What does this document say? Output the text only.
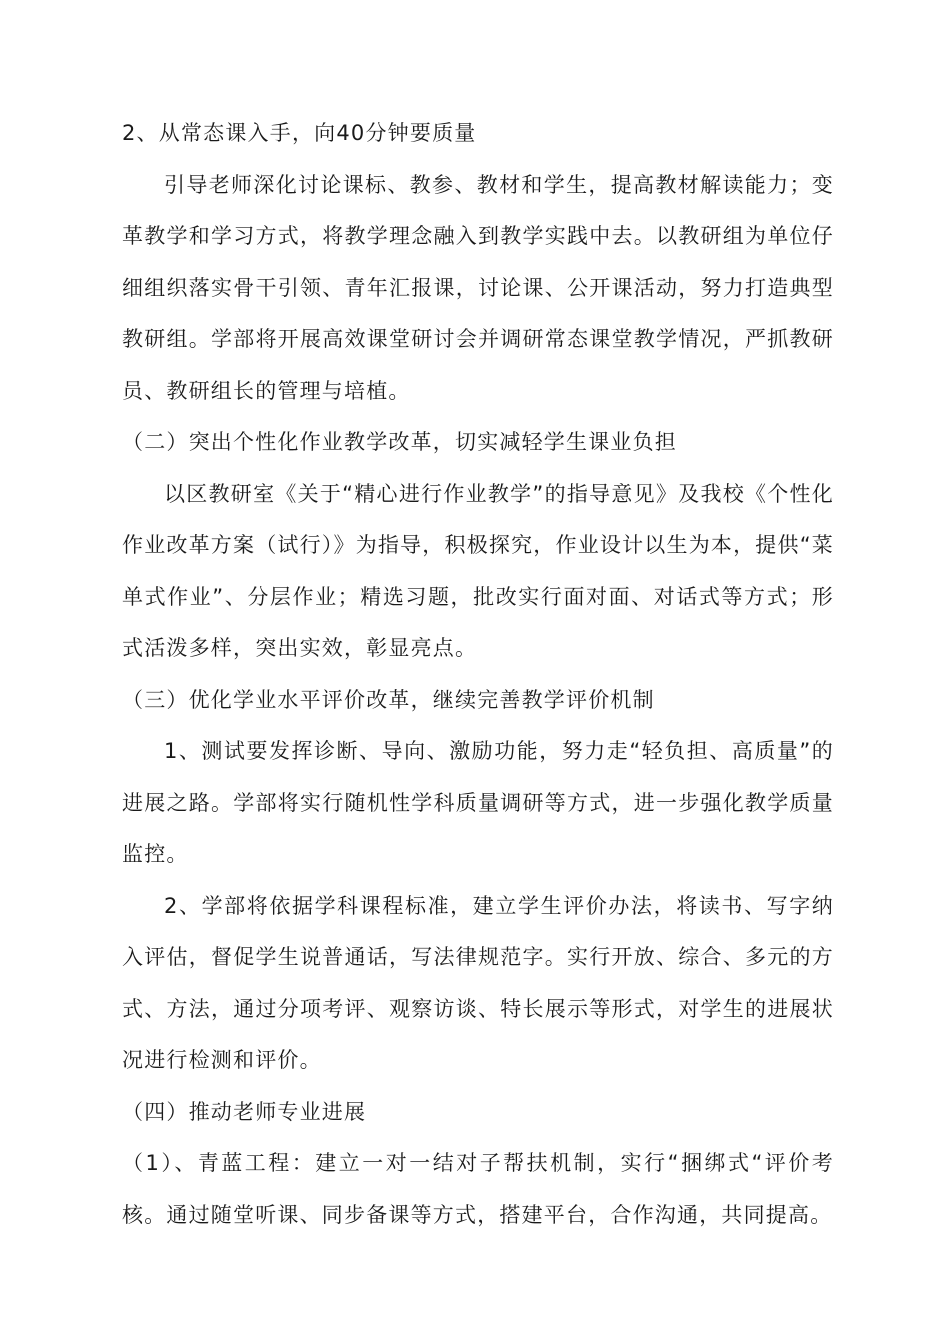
2、从常态课入手，向40分钟要质量

引导老师深化讨论课标、教参、教材和学生，提高教材解读能力；变革教学和学习方式，将教学理念融入到教学实践中去。以教研组为单位仔细组织落实骨干引领、青年汇报课，讨论课、公开课活动，努力打造典型教研组。学部将开展高效课堂研讨会并调研常态课堂教学情况，严抓教研员、教研组长的管理与培植。

（二）突出个性化作业教学改革，切实减轻学生课业负担

以区教研室《关于“精心进行作业教学”的指导意见》及我校《个性化作业改革方案（试行）》为指导，积极探究，作业设计以生为本，提供“菜单式作业”、分层作业；精选习题，批改实行面对面、对话式等方式；形式活泼多样，突出实效，彰显亮点。

（三）优化学业水平评价改革，继续完善教学评价机制

1、测试要发挥诊断、导向、激励功能，努力走“轻负担、高质量”的进展之路。学部将实行随机性学科质量调研等方式，进一步强化教学质量监控。

2、学部将依据学科课程标准，建立学生评价办法，将读书、写字纳入评估，督促学生说普通话，写法律规范字。实行开放、综合、多元的方式、方法，通过分项考评、观察访谈、特长展示等形式，对学生的进展状况进行检测和评价。

（四）推动老师专业进展

（1）、青蓝工程：建立一对一结对子帮扶机制，实行“捆绑式“评价考核。通过随堂听课、同步备课等方式，搭建平台，合作沟通，共同提高。
